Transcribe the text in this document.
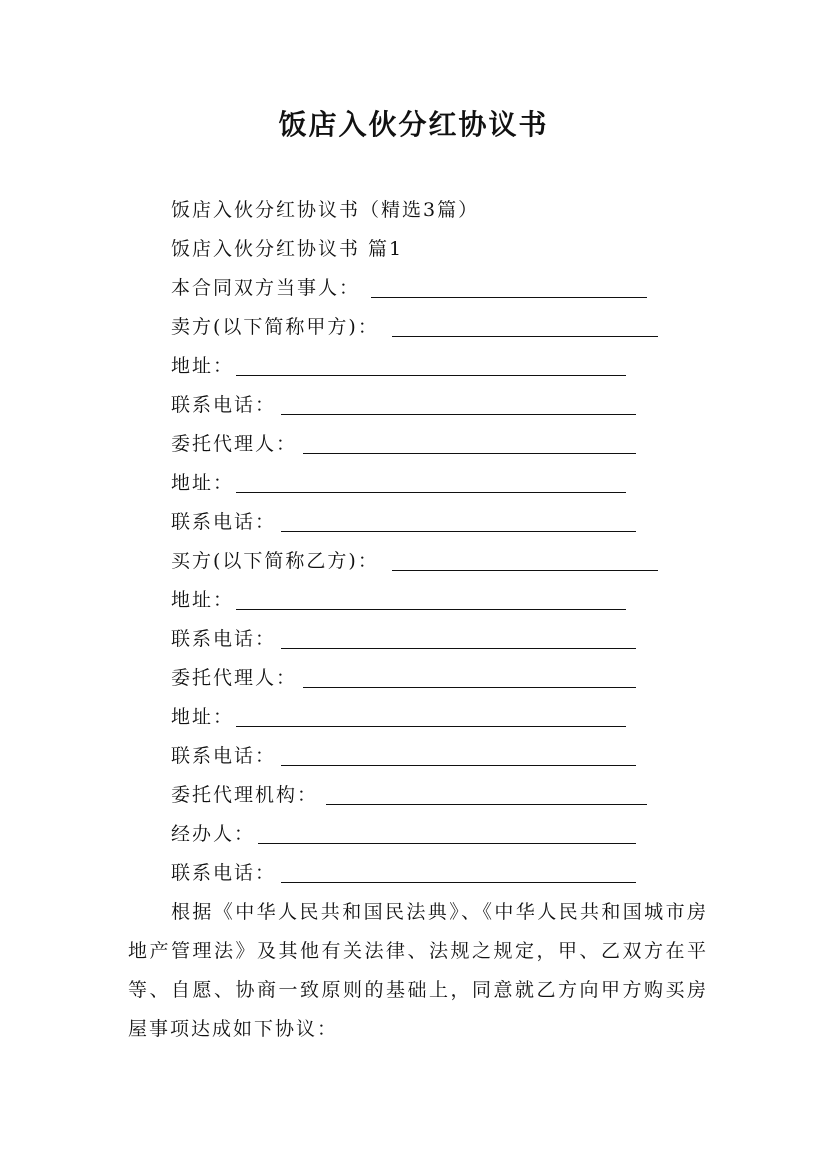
饭店入伙分红协议书
饭店入伙分红协议书（精选3篇）
饭店入伙分红协议书 篇1
本合同双方当事人：
卖方(以下简称甲方)：
地址：
联系电话：
委托代理人：
地址：
联系电话：
买方(以下简称乙方)：
地址：
联系电话：
委托代理人：
地址：
联系电话：
委托代理机构：
经办人：
联系电话：
根据《中华人民共和国民法典》、《中华人民共和国城市房地产管理法》及其他有关法律、法规之规定，甲、乙双方在平等、自愿、协商一致原则的基础上，同意就乙方向甲方购买房屋事项达成如下协议：
